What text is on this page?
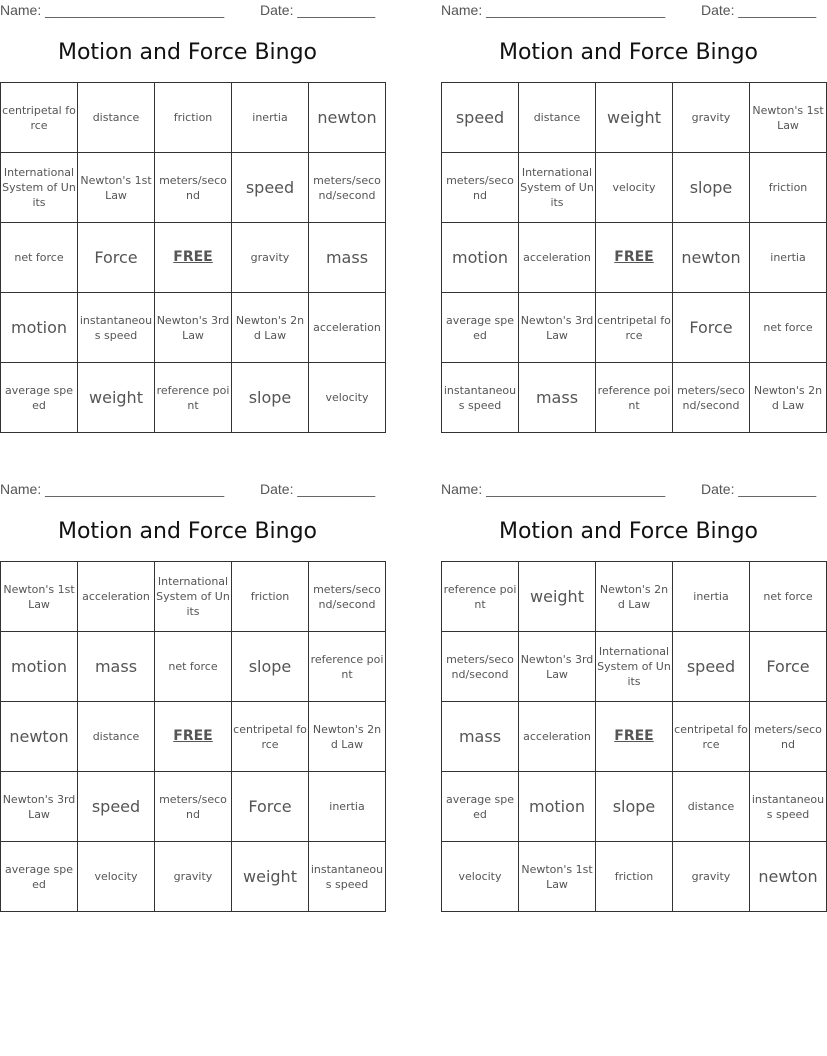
Name: _______________________	Date: __________
Motion and Force Bingo
centripetal force	distance	friction	inertia	newton
International System of Units	Newton's 1st Law	meters/second	speed	meters/second/second
net force	Force	FREE	gravity	mass
motion	instantaneous speed	Newton's 3rd Law	Newton's 2nd Law	acceleration
average speed	weight	reference point	slope	velocity
Name: _______________________	Date: __________
Motion and Force Bingo
speed	distance	weight	gravity	Newton's 1st Law
meters/second	International System of Units	velocity	slope	friction
motion	acceleration	FREE	newton	inertia
average speed	Newton's 3rd Law	centripetal force	Force	net force
instantaneous speed	mass	reference point	meters/second/second	Newton's 2nd Law
Name: _______________________	Date: __________
Motion and Force Bingo
Newton's 1st Law	acceleration	International System of Units	friction	meters/second/second
motion	mass	net force	slope	reference point
newton	distance	FREE	centripetal force	Newton's 2nd Law
Newton's 3rd Law	speed	meters/second	Force	inertia
average speed	velocity	gravity	weight	instantaneous speed
Name: _______________________	Date: __________
Motion and Force Bingo
reference point	weight	Newton's 2nd Law	inertia	net force
meters/second/second	Newton's 3rd Law	International System of Units	speed	Force
mass	acceleration	FREE	centripetal force	meters/second
average speed	motion	slope	distance	instantaneous speed
velocity	Newton's 1st Law	friction	gravity	newton
